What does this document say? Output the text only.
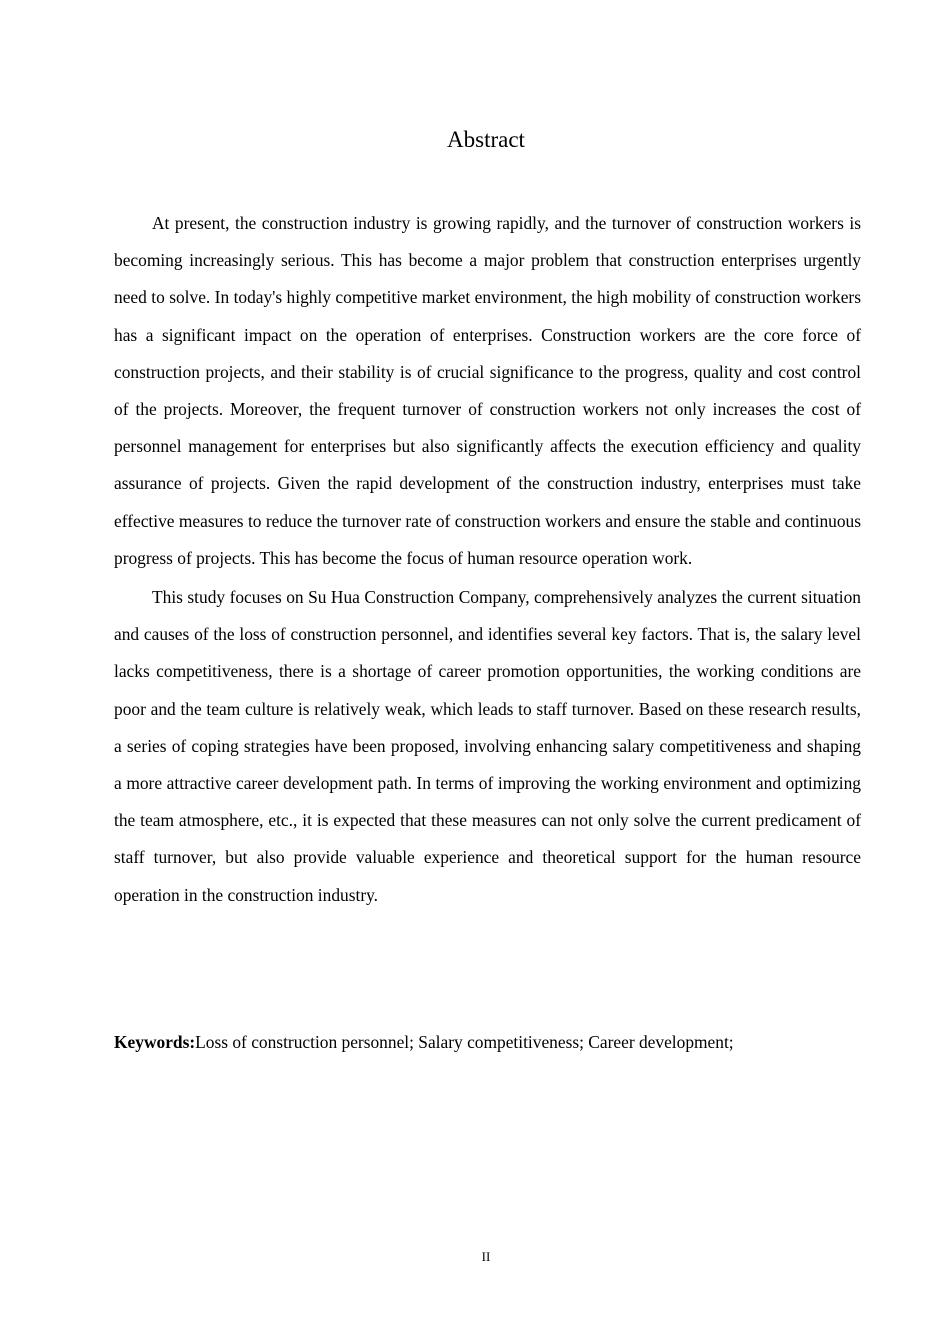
Abstract

At present, the construction industry is growing rapidly, and the turnover of construction workers is becoming increasingly serious. This has become a major problem that construction enterprises urgently need to solve. In today's highly competitive market environment, the high mobility of construction workers has a significant impact on the operation of enterprises. Construction workers are the core force of construction projects, and their stability is of crucial significance to the progress, quality and cost control of the projects. Moreover, the frequent turnover of construction workers not only increases the cost of personnel management for enterprises but also significantly affects the execution efficiency and quality assurance of projects. Given the rapid development of the construction industry, enterprises must take effective measures to reduce the turnover rate of construction workers and ensure the stable and continuous progress of projects. This has become the focus of human resource operation work.

This study focuses on Su Hua Construction Company, comprehensively analyzes the current situation and causes of the loss of construction personnel, and identifies several key factors. That is, the salary level lacks competitiveness, there is a shortage of career promotion opportunities, the working conditions are poor and the team culture is relatively weak, which leads to staff turnover. Based on these research results, a series of coping strategies have been proposed, involving enhancing salary competitiveness and shaping a more attractive career development path. In terms of improving the working environment and optimizing the team atmosphere, etc., it is expected that these measures can not only solve the current predicament of staff turnover, but also provide valuable experience and theoretical support for the human resource operation in the construction industry.

Keywords:Loss of construction personnel; Salary competitiveness; Career development;
II
